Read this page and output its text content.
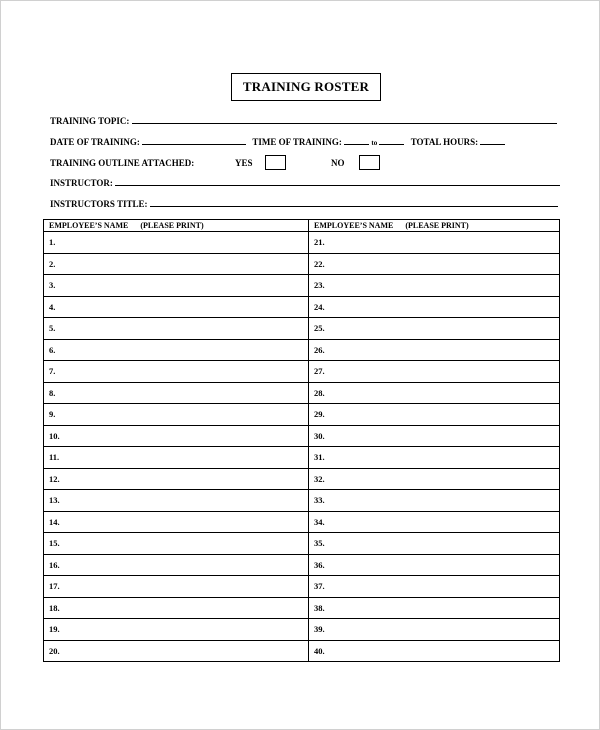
TRAINING ROSTER
TRAINING TOPIC:
DATE OF TRAINING:	TIME OF TRAINING:	to	TOTAL HOURS:
TRAINING OUTLINE ATTACHED:	YES	NO
INSTRUCTOR:
INSTRUCTORS TITLE:
EMPLOYEE’S NAME      (PLEASE PRINT)	EMPLOYEE’S NAME      (PLEASE PRINT)
1.	21.
2.	22.
3.	23.
4.	24.
5.	25.
6.	26.
7.	27.
8.	28.
9.	29.
10.	30.
11.	31.
12.	32.
13.	33.
14.	34.
15.	35.
16.	36.
17.	37.
18.	38.
19.	39.
20.	40.
